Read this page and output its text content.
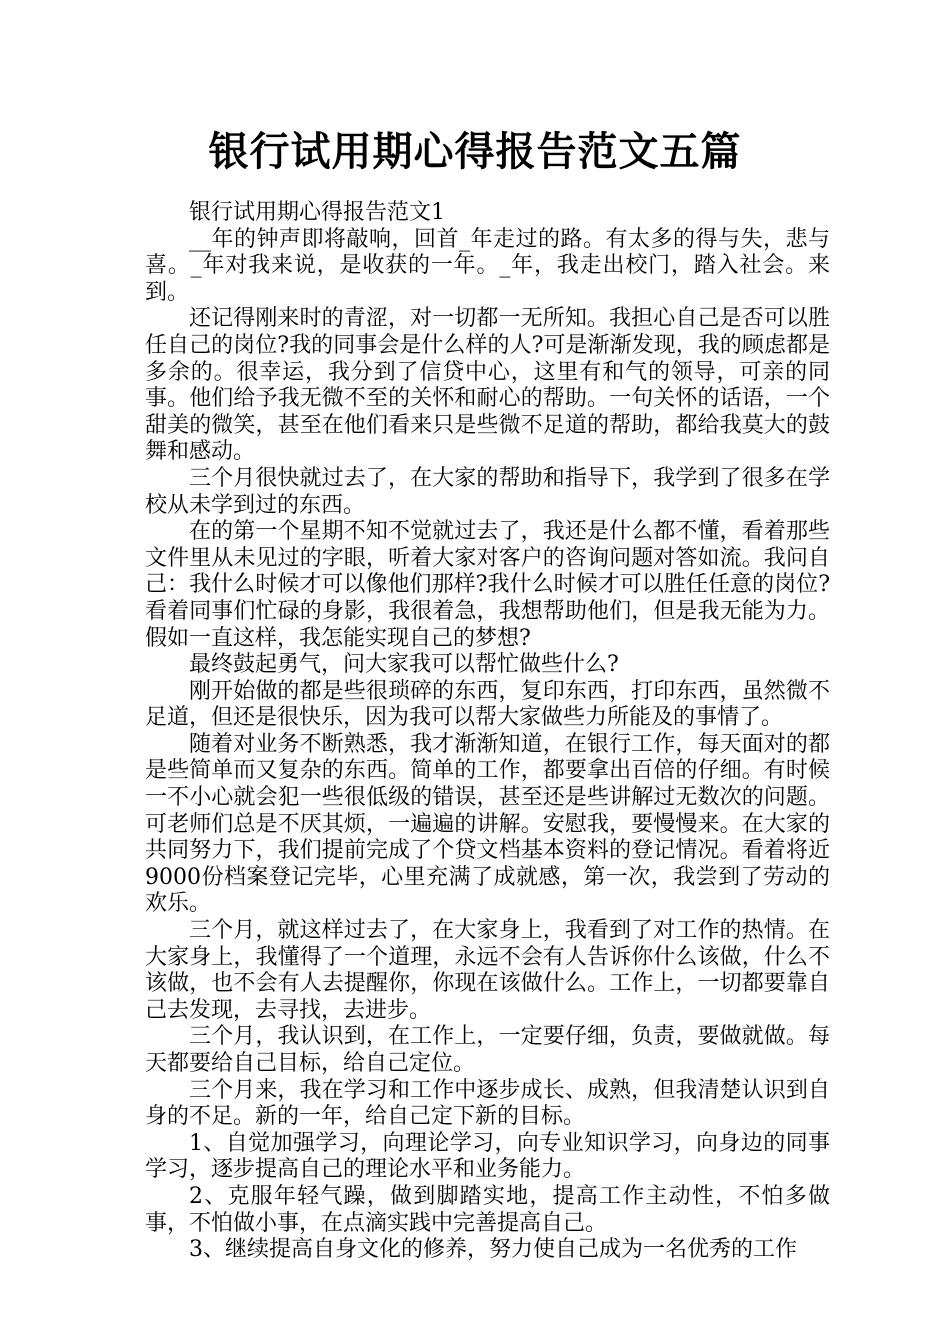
银行试用期心得报告范文五篇

银行试用期心得报告范文1

__年的钟声即将敲响，回首_年走过的路。有太多的得与失，悲与喜。_年对我来说，是收获的一年。_年，我走出校门，踏入社会。来到。

还记得刚来时的青涩，对一切都一无所知。我担心自己是否可以胜任自己的岗位?我的同事会是什么样的人?可是渐渐发现，我的顾虑都是多余的。很幸运，我分到了信贷中心，这里有和气的领导，可亲的同事。他们给予我无微不至的关怀和耐心的帮助。一句关怀的话语，一个甜美的微笑，甚至在他们看来只是些微不足道的帮助，都给我莫大的鼓舞和感动。

三个月很快就过去了，在大家的帮助和指导下，我学到了很多在学校从未学到过的东西。

在的第一个星期不知不觉就过去了，我还是什么都不懂，看着那些文件里从未见过的字眼，听着大家对客户的咨询问题对答如流。我问自己：我什么时候才可以像他们那样?我什么时候才可以胜任任意的岗位?看着同事们忙碌的身影，我很着急，我想帮助他们，但是我无能为力。假如一直这样，我怎能实现自己的梦想?

最终鼓起勇气，问大家我可以帮忙做些什么?

刚开始做的都是些很琐碎的东西，复印东西，打印东西，虽然微不足道，但还是很快乐，因为我可以帮大家做些力所能及的事情了。

随着对业务不断熟悉，我才渐渐知道，在银行工作，每天面对的都是些简单而又复杂的东西。简单的工作，都要拿出百倍的仔细。有时候一不小心就会犯一些很低级的错误，甚至还是些讲解过无数次的问题。可老师们总是不厌其烦，一遍遍的讲解。安慰我，要慢慢来。在大家的共同努力下，我们提前完成了个贷文档基本资料的登记情况。看着将近9000份档案登记完毕，心里充满了成就感，第一次，我尝到了劳动的欢乐。

三个月，就这样过去了，在大家身上，我看到了对工作的热情。在大家身上，我懂得了一个道理，永远不会有人告诉你什么该做，什么不该做，也不会有人去提醒你，你现在该做什么。工作上，一切都要靠自己去发现，去寻找，去进步。

三个月，我认识到，在工作上，一定要仔细，负责，要做就做。每天都要给自己目标，给自己定位。

三个月来，我在学习和工作中逐步成长、成熟，但我清楚认识到自身的不足。新的一年，给自己定下新的目标。

1、自觉加强学习，向理论学习，向专业知识学习，向身边的同事学习，逐步提高自己的理论水平和业务能力。

2、克服年轻气躁，做到脚踏实地，提高工作主动性，不怕多做事，不怕做小事，在点滴实践中完善提高自己。

3、继续提高自身文化的修养，努力使自己成为一名优秀的工作
